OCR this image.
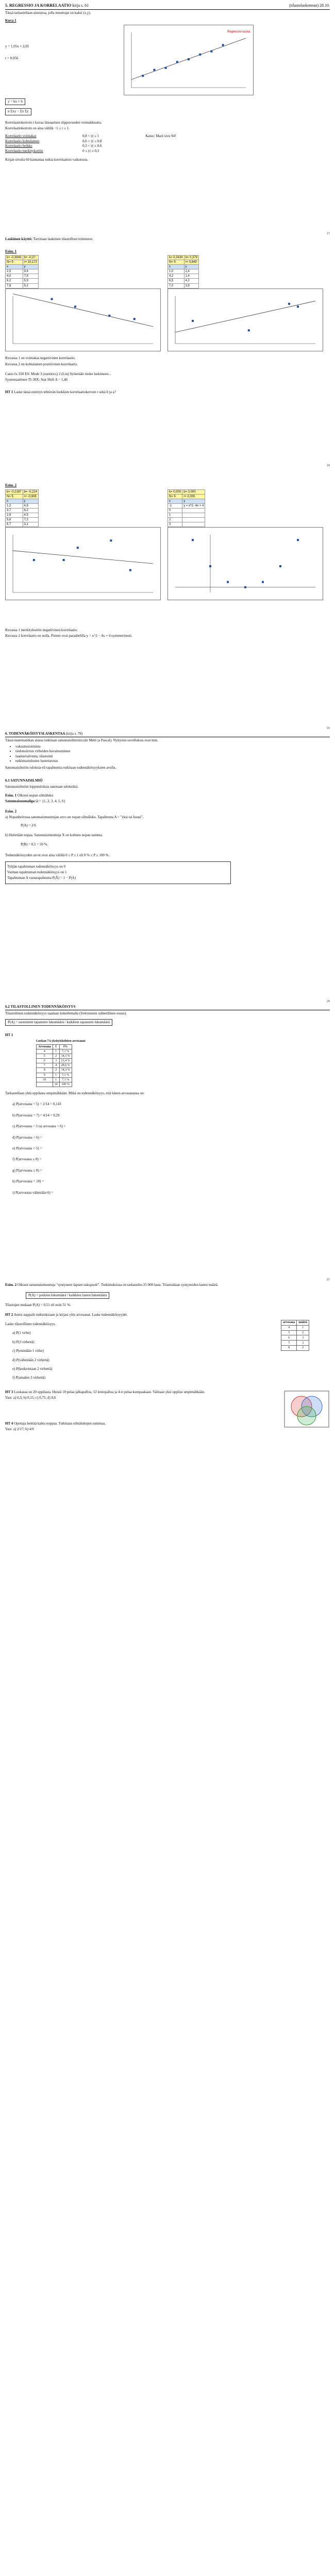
5. REGRESSIO JA KORRELAATIO kirja s. 61	(tilastolaskennan) 28.10.

Tässä tarkastellaan aineistoa, jolla muuttujat on kaksi (x,y).

Kuva 1

y = 1,05x + 2,05

r = 0,956

Regressio-suora
y = kx + b
n Σxy − Σx Σy

Korrelaatiokerroin r kuvaa lineaarisen riippuvuuden voimakkuutta.

Korrelaatiokerroin on aina välillä −1 ≤ r ≤ 1.

Korrelaatio voimakas	0,8 < |r| ≤ 1	Katso: Maol sivu 94!
Korrelaatio kohtalainen	0,6 < |r| ≤ 0,8
Korrelaatio heikko	0,3 < |r| ≤ 0,6
Korrelaatio merkityksetön	0 ≤ |r| ≤ 0,3

Kirjan sivulta 60 kannattaa tutkia korrelaation vaikutusta.

17

Laskimen käyttö: Tarvitaan laskimen tilastolliset toiminnot.

Esim. 1

k= -0,3843	b= -0,2?
N= 5	r= 10,172
x	y
2,5	9,4
4,0	7,8
6,2	5,9
7,8	5,2
k= 0,3434	b= 0,379
N= 5	r= 0,849
x	y
1,0	2,4
4,2	1,4
6,5	4,2
7,0	3,9

Kuvassa 1 on voimakas negatiivinen korrelaatio.

Kuvassa 2 on kohtalainen positiivinen korrelaatio.

Casio fx-350 ES: Mode 3 (statistics) 2 (Lin) Syötetään tiedot laskimeen...

Systemaattinen TI-30X: Stat Shift A = 1,46

HT 1 Laske tässä esitetyn tehtävän luokkien korrelaatiokerroin r sekä b ja a?

18

Esim. 2

k= -0,2187	b= -0,224
N= 5	r= -0,608
x	y
1,2	4,5
3,7	6,2
2,9	4,5
5,6	7,2
6,7	3,1
k= 0,000	b= 0,000
N= 5	r= 2,000
x	y
-1	y = x^2 -4x + 4
0	
1	
2	
3	

Kuvassa 1 merkityksetön negatiivinen korrelaatio.

Kuvassa 2 korrelaatio on nolla. Pisteet ovat paraabelilla y = x^2 − 4x + 4 symmetrisesti.

19

6. TODENNÄKÖISYYSLASKENTAA (kirja s. 78)

Tässä matematiikan alassa tutkitaan satunnaisilmiöitä (de Méré ja Pascal). Nykyisin sovelluksia ovat mm.

• vakuutustoiminta
• tiedonsiirron virheiden havaitseminen
• laadunvalvonta, tilastointi
• tutkimustulosten luotettavuus

Satunnaisilmiön tuloksia eli tapahtumia tutkitaan todennäköisyyksien avulla.

6.1 SATUNNAISILMIÖ

Satunnaisilmiön lopputuloksia sanotaan tuloksiksi.

Esim. 1 Olkoon nopan silmäluku

Satunnaisuomaliga Ω = {1, 2, 3, 4, 5, 6}

Esim. 2

a) Nopanheitossa satunnaismuuttujan arvo on nopan silmäluku. Tapahtuma A = "yksi tai kuusi".

P(A) = 2/6

b) Heitetään nopaa. Satunnaismuuttuja X on kolmen nopan summa.

P(B) = 0,5 = 50 %.

Todennäköisyyden arvot ovat aina välillä 0 ≤ P ≤ 1 eli 0 % ≤ P ≤ 100 %.

Tyhjän tapahtuman todennäköisyys on 0

Varman tapahtuman todennäköisyys on 1

Tapahtuman A vastatapahtuma P(Ā) = 1 − P(A)

20

6.2 TILASTOLLINEN TODENNÄKÖISYYS

Tilastollinen todennäköisyys saadaan kokeilemalla (frekvenssin suhteellinen osuus).

P(A) = suotuisten tapausten lukumäärä / kaikkien tapausten lukumäärä

HT 1

Luokan 7A yksityiskohtien arvosanat

Arvosana	f	f%
4	1	7,1 %
5	2	14,3 %
6	3	21,4 %
7	4	28,6 %
8	2	14,3 %
9	1	7,1 %
10	1	7,1 %
	14	100 %

Tarkastellaan yhtä oppilasta umpimähkään. Mikä on todennäköisyys, että hänen arvosanansa on:

a) P(arvosana = 5) = 2/14 = 0,143

b) P(arvosana = 7) = 4/14 = 0,29

c) P(arvosana = 5 tai arvosana = 6) =

d) P(arvosana > 6) =

e) P(arvosana < 5) =

f) P(arvosana ≥ 8) =

g) P(arvosana ≤ 8) =

h) P(arvosana = 10) =

i) P(arvosana vähintään 6) =

21

Esim. 2 Olkoon satunnaismuuttuja "syntyneen lapsen sukupuoli". Tutkimuksissa on tarkasteltu 25 000 lasta. Tilastoidaan syntyneiden lasten määrä.

P(A) = poikien lukumäärä / kaikkien lasten lukumäärä

Tilastojen mukaan P(A) = 0,51 eli noin 51 %.

HT 2 Anttis nappaili todistuksiaan ja kirjasi ylös arvosanat. Laske todennäköisyydet.

Laske tilastollinen todennäköisyys

a) P(1 virhe)

b) P(3 virhettä)

c) P(enintään 1 virhe)

d) P(vähintään 2 virhettä)

e) P(korkeintaan 2 virhettä)

f) P(ainakin 3 virhettä)

arvosana	määrä
4	1
5	2
6	3
7	3
8	2

HT 3 Luokassa on 20 oppilasta. Heistä 10 pelaa jalkapalloa, 12 lentopalloa ja 4 ei pelaa kumpaakaan. Valitaan yksi oppilas umpimähkään.

Vast: a) 0,3; b) 0,15; c) 0,75; d) 0,6

HT 4 Opettaja heittää kahta noppaa. Tutkitaan silmälukujen summaa.

Vast: a) 2/17; b) 4/9
